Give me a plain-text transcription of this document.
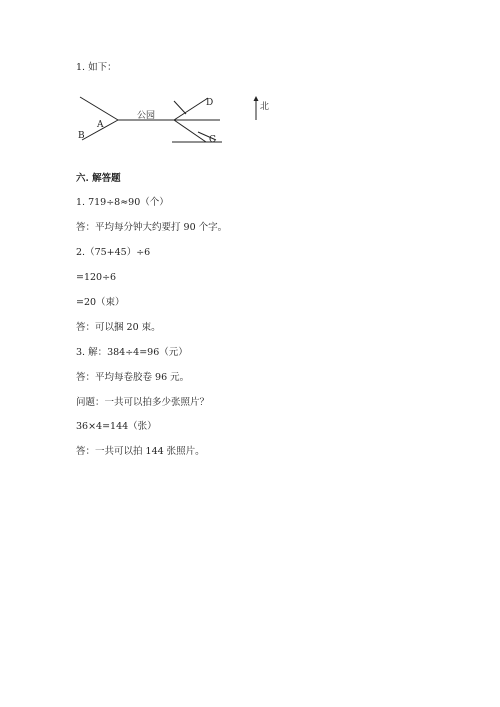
1. 如下：
A
B
公园
D
C
北
六. 解答题
1. 719÷8≈90（个）
答：平均每分钟大约要打 90 个字。
2.（75+45）÷6
=120÷6
=20（束）
答：可以捆 20 束。
3. 解：384÷4=96（元）
答：平均每卷胶卷 96 元。
问题：一共可以拍多少张照片？
36×4=144（张）
答：一共可以拍 144 张照片。
